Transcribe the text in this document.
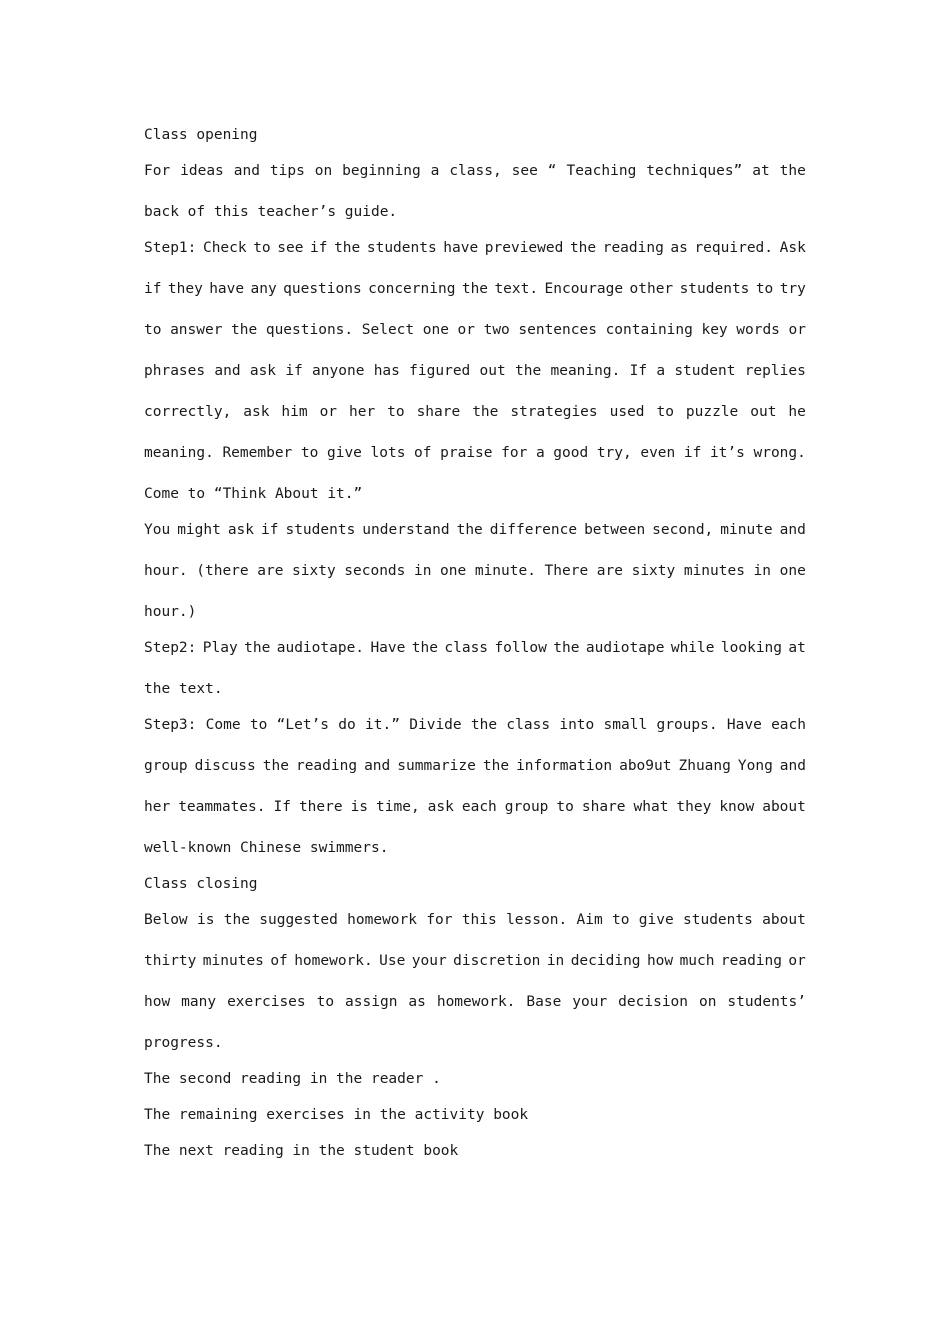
Class opening
For ideas and tips on beginning a class, see “ Teaching techniques” at the
back of this teacher’s guide.
Step1: Check to see if the students have previewed the reading as required. Ask
if they have any questions concerning the text. Encourage other students to try
to answer the questions. Select one or two sentences containing key words or
phrases and ask if anyone has figured out the meaning. If a student replies
correctly, ask him or her to share the strategies used to puzzle out he
meaning. Remember to give lots of praise for a good try, even if it’s wrong.
Come to “Think About it.”
You might ask if students understand the difference between second, minute and
hour. (there are sixty seconds in one minute. There are sixty minutes in one
hour.)
Step2: Play the audiotape. Have the class follow the audiotape while looking at
the text.
Step3: Come to “Let’s do it.” Divide the class into small groups. Have each
group discuss the reading and summarize the information abo9ut Zhuang Yong and
her teammates. If there is time, ask each group to share what they know about
well-known Chinese swimmers.
Class closing
Below is the suggested homework for this lesson. Aim to give students about
thirty minutes of homework. Use your discretion in deciding how much reading or
how many exercises to assign as homework. Base your decision on students’
progress.
The second reading in the reader .
The remaining exercises in the activity book
The next reading in the student book
